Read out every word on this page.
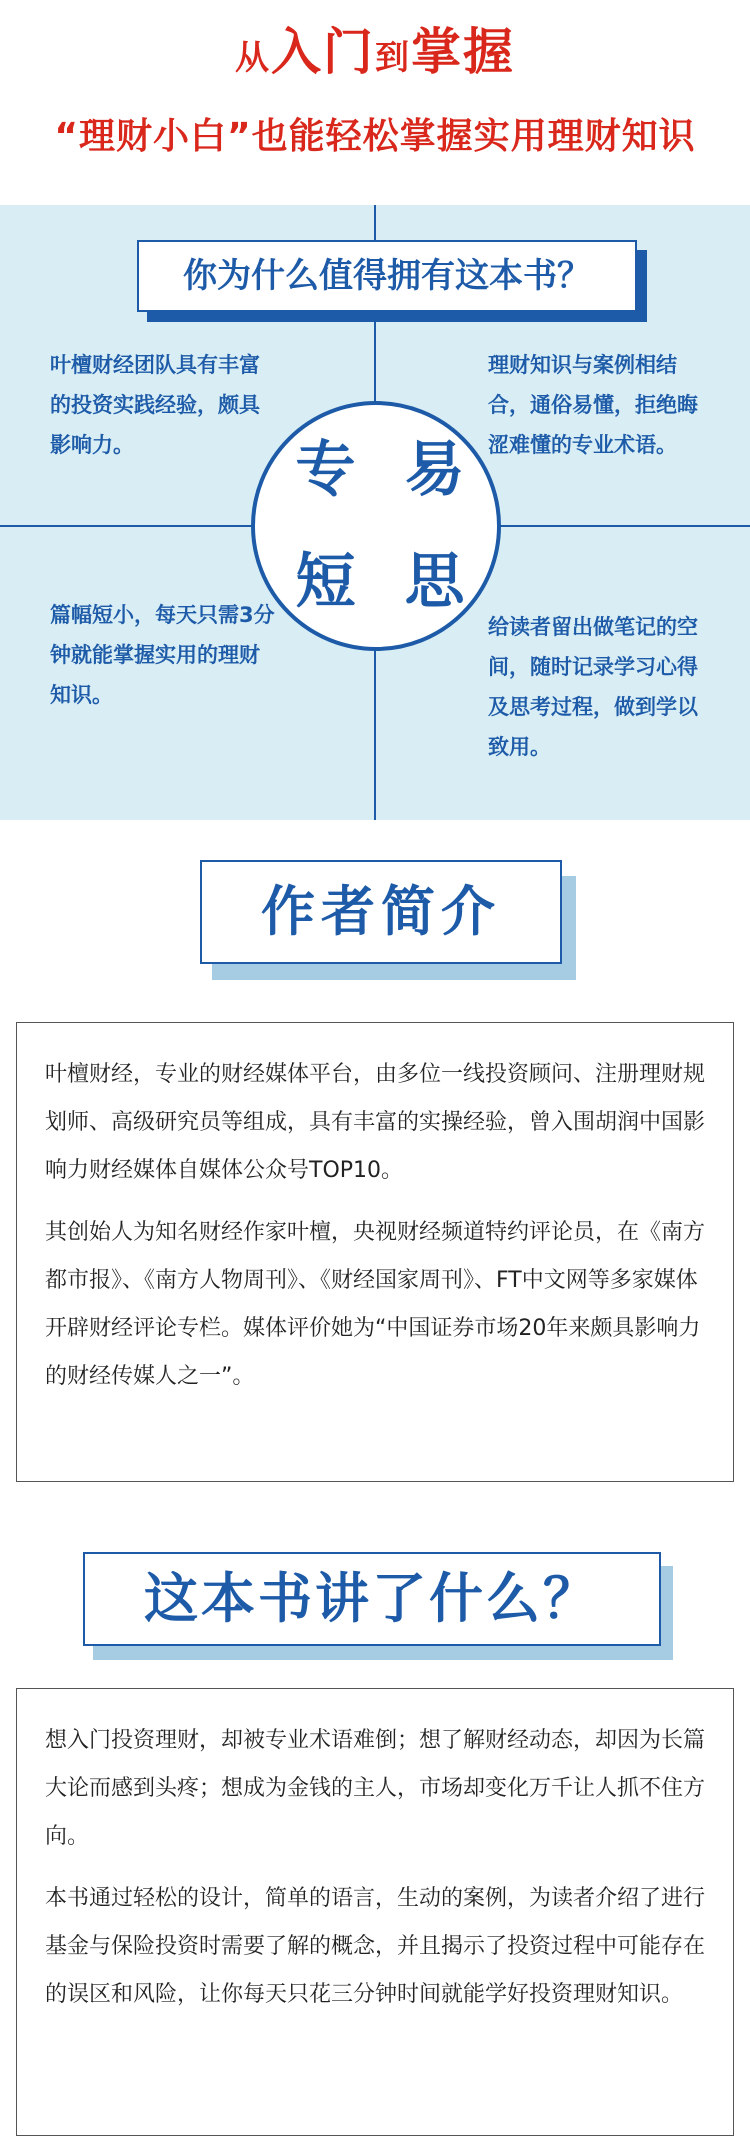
从入门到掌握
“理财小白”也能轻松掌握实用理财知识
你为什么值得拥有这本书？
叶檀财经团队具有丰富的投资实践经验，颇具影响力。
理财知识与案例相结合，通俗易懂，拒绝晦涩难懂的专业术语。
篇幅短小，每天只需3分钟就能掌握实用的理财知识。
给读者留出做笔记的空间，随时记录学习心得及思考过程，做到学以致用。
专 易
短 思
作者简介

叶檀财经，专业的财经媒体平台，由多位一线投资顾问、注册理财规划师、高级研究员等组成，具有丰富的实操经验，曾入围胡润中国影响力财经媒体自媒体公众号TOP10。

其创始人为知名财经作家叶檀，央视财经频道特约评论员，在《南方都市报》、《南方人物周刊》、《财经国家周刊》、FT中文网等多家媒体开辟财经评论专栏。媒体评价她为“中国证券市场20年来颇具影响力的财经传媒人之一”。

这本书讲了什么？

想入门投资理财，却被专业术语难倒；想了解财经动态，却因为长篇大论而感到头疼；想成为金钱的主人，市场却变化万千让人抓不住方向。

本书通过轻松的设计，简单的语言，生动的案例，为读者介绍了进行基金与保险投资时需要了解的概念，并且揭示了投资过程中可能存在的误区和风险，让你每天只花三分钟时间就能学好投资理财知识。
